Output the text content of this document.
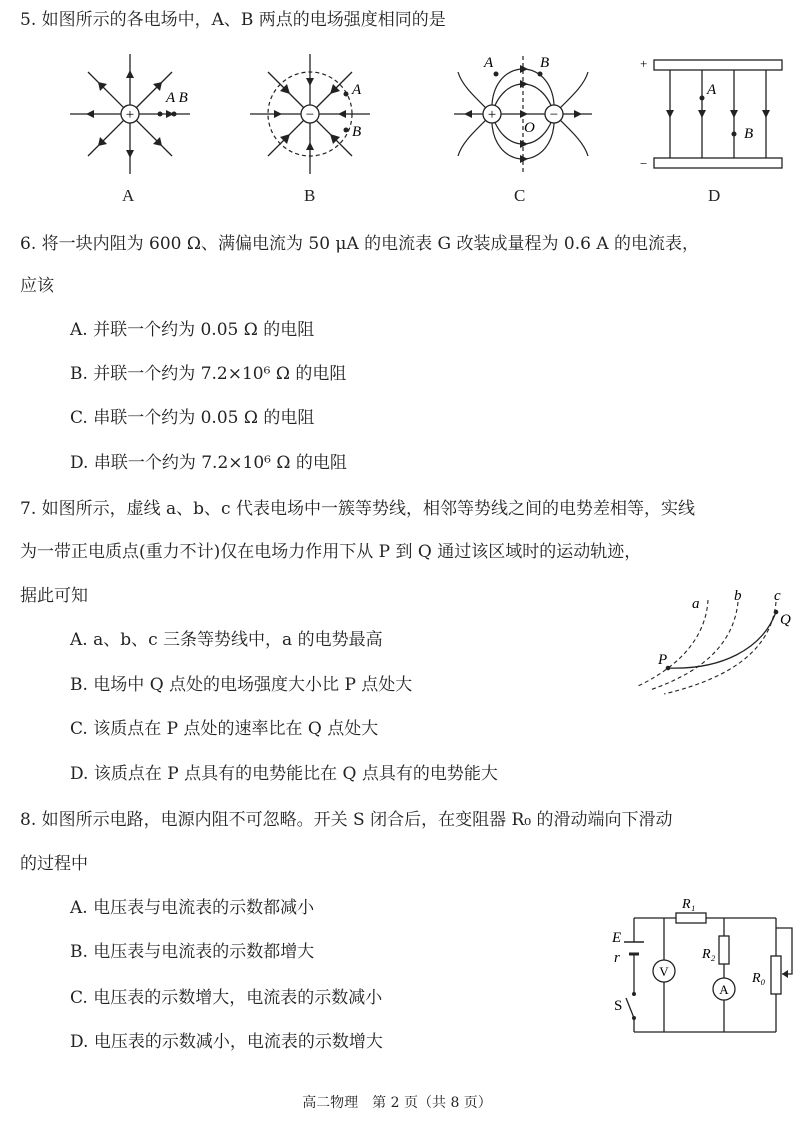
5. 如图所示的各电场中，A、B 两点的电场强度相同的是
+
A B
−
A
B
+	−
A	B
O
+
−
A
B
A	B	C	D
6. 将一块内阻为 600 Ω、满偏电流为 50 μA 的电流表 G 改装成量程为 0.6 A 的电流表，
应该
A. 并联一个约为 0.05 Ω 的电阻
B. 并联一个约为 7.2×10⁶ Ω 的电阻
C. 串联一个约为 0.05 Ω 的电阻
D. 串联一个约为 7.2×10⁶ Ω 的电阻
7. 如图所示，虚线 a、b、c 代表电场中一簇等势线，相邻等势线之间的电势差相等，实线
为一带正电质点(重力不计)仅在电场力作用下从 P 到 Q 通过该区域时的运动轨迹，
据此可知
A. a、b、c 三条等势线中，a 的电势最高
B. 电场中 Q 点处的电场强度大小比 P 点处大
C. 该质点在 P 点处的速率比在 Q 点处大
D. 该质点在 P 点具有的电势能比在 Q 点具有的电势能大
a b c
P
Q
8. 如图所示电路，电源内阻不可忽略。开关 S 闭合后，在变阻器 R₀ 的滑动端向下滑动
的过程中
A. 电压表与电流表的示数都减小
B. 电压表与电流表的示数都增大
C. 电压表的示数增大，电流表的示数减小
D. 电压表的示数减小，电流表的示数增大
V
A
E
r
S
R₁
R₂
R₀
高二物理　第 2 页（共 8 页）
